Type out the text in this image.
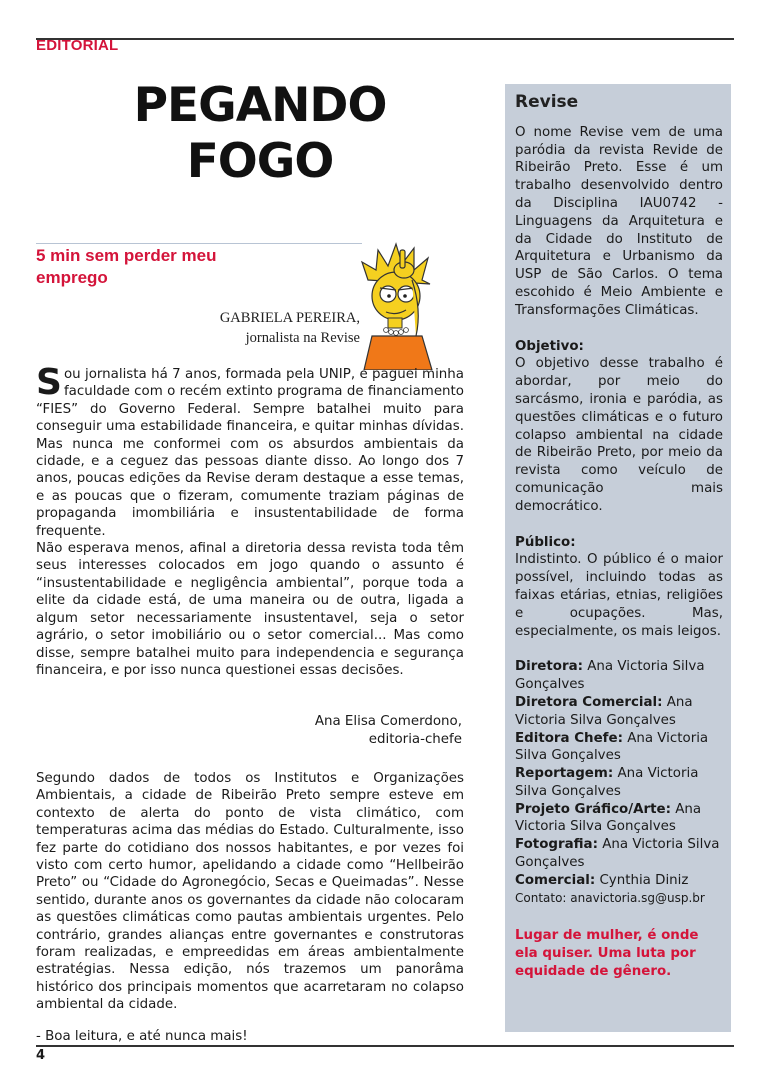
EDITORIAL
PEGANDO
FOGO
5 min sem perder meu emprego
GABRIELA PEREIRA,
jornalista na Revise

Sou jornalista há 7 anos, formada pela UNIP, e paguei minha faculdade com o recém extinto programa de financiamento “FIES” do Governo Federal. Sempre batalhei muito para conseguir uma estabilidade financeira, e quitar minhas dívidas. Mas nunca me conformei com os absurdos ambientais da cidade, e a ceguez das pessoas diante disso. Ao longo dos 7 anos, poucas edições da Revise deram destaque a esse temas, e as poucas que o fizeram, comumente traziam páginas de propaganda imombiliária e insustentabilidade de forma frequente.

Não esperava menos, afinal a diretoria dessa revista toda têm seus interesses colocados em jogo quando o assunto é “insustentabilidade e negligência ambiental”, porque toda a elite da cidade está, de uma maneira ou de outra, ligada a algum setor necessariamente insustentavel, seja o setor agrário, o setor imobiliário ou o setor comercial... Mas como disse, sempre batalhei muito para independencia e segurança financeira, e por isso nunca questionei essas decisões.

Ana Elisa Comerdono,
editoria-chefe

Segundo dados de todos os Institutos e Organizações Ambientais, a cidade de Ribeirão Preto sempre esteve em contexto de alerta do ponto de vista climático, com temperaturas acima das médias do Estado. Culturalmente, isso fez parte do cotidiano dos nossos habitantes, e por vezes foi visto com certo humor, apelidando a cidade como “Hellbeirão Preto” ou “Cidade do Agronegócio, Secas e Queimadas”. Nesse sentido, durante anos os governantes da cidade não colocaram as questões climáticas como pautas ambientais urgentes. Pelo contrário, grandes alianças entre governantes e construtoras foram realizadas, e empreedidas em áreas ambientalmente estratégias. Nessa edição, nós trazemos um panorâma histórico dos principais momentos que acarretaram no colapso ambiental da cidade.

- Boa leitura, e até nunca mais!
4
Revise

O nome Revise vem de uma paródia da revista Revide de Ribeirão Preto. Esse é um trabalho desenvolvido dentro da Disciplina IAU0742 - Linguagens da Arquitetura e da Cidade do Instituto de Arquitetura e Urbanismo da USP de São Carlos. O tema escohido é Meio Ambiente e Transformações Climáticas.

Objetivo:

O objetivo desse trabalho é abordar, por meio do sarcásmo, ironia e paródia, as questões climáticas e o futuro colapso ambiental na cidade de Ribeirão Preto, por meio da revista como veículo de comunicação mais democrático.

Público:

Indistinto. O público é o maior possível, incluindo todas as faixas etárias, etnias, religiões e ocupações. Mas, especialmente, os mais leigos.

Diretora: Ana Victoria Silva Gonçalves

Diretora Comercial: Ana Victoria Silva Gonçalves

Editora Chefe: Ana Victoria Silva Gonçalves

Reportagem: Ana Victoria Silva Gonçalves

Projeto Gráfico/Arte: Ana Victoria Silva Gonçalves

Fotografia: Ana Victoria Silva Gonçalves

Comercial: Cynthia Diniz

Contato: anavictoria.sg@usp.br

Lugar de mulher, é onde ela quiser. Uma luta por equidade de gênero.
